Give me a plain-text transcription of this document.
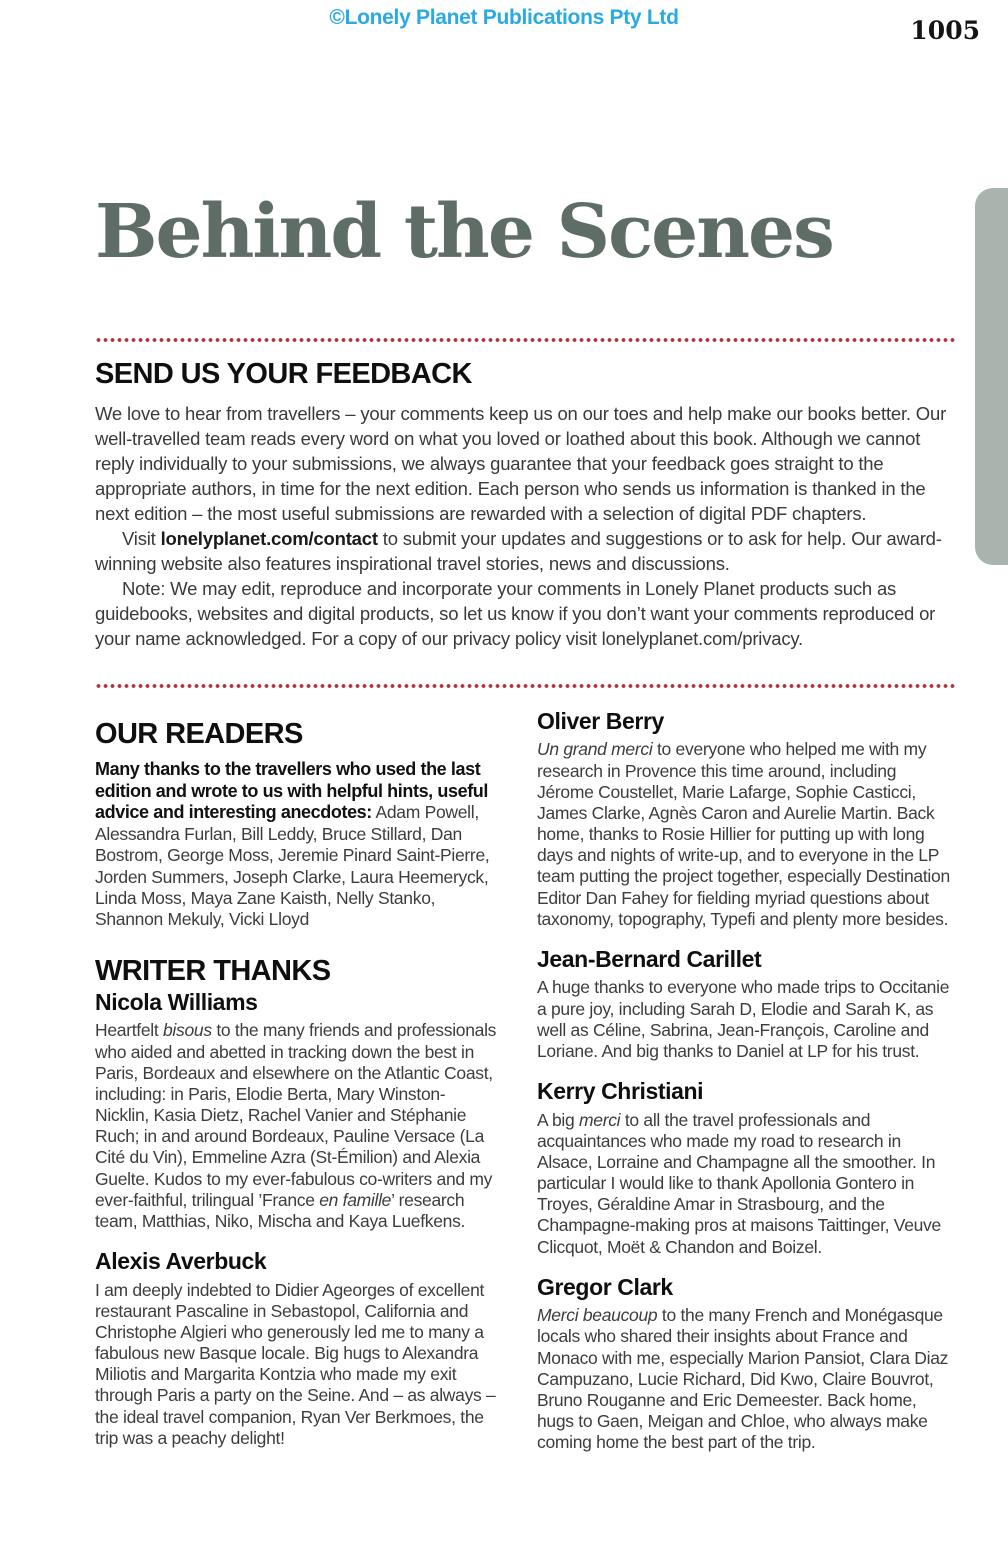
©Lonely Planet Publications Pty Ltd	1005
Behind the Scenes
SEND US YOUR FEEDBACK

We love to hear from travellers – your comments keep us on our toes and help make our books better. Our well-travelled team reads every word on what you loved or loathed about this book. Although we cannot reply individually to your submissions, we always guarantee that your feedback goes straight to the appropriate authors, in time for the next edition. Each person who sends us information is thanked in the next edition – the most useful submissions are rewarded with a selection of digital PDF chapters.

Visit lonelyplanet.com/contact to submit your updates and suggestions or to ask for help. Our award-winning website also features inspirational travel stories, news and discussions.

Note: We may edit, reproduce and incorporate your comments in Lonely Planet products such as guidebooks, websites and digital products, so let us know if you don’t want your comments reproduced or your name acknowledged. For a copy of our privacy policy visit lonelyplanet.com/privacy.

OUR READERS

Many thanks to the travellers who used the last edition and wrote to us with helpful hints, useful advice and interesting anecdotes: Adam Powell, Alessandra Furlan, Bill Leddy, Bruce Stillard, Dan Bostrom, George Moss, Jeremie Pinard Saint-Pierre, Jorden Summers, Joseph Clarke, Laura Heemeryck, Linda Moss, Maya Zane Kaisth, Nelly Stanko, Shannon Mekuly, Vicki Lloyd

WRITER THANKS
Nicola Williams

Heartfelt bisous to the many friends and professionals who aided and abetted in tracking down the best in Paris, Bordeaux and elsewhere on the Atlantic Coast, including: in Paris, Elodie Berta, Mary Winston-Nicklin, Kasia Dietz, Rachel Vanier and Stéphanie Ruch; in and around Bordeaux, Pauline Versace (La Cité du Vin), Emmeline Azra (St-Émilion) and Alexia Guelte. Kudos to my ever-fabulous co-writers and my ever-faithful, trilingual ’France en famille’ research team, Matthias, Niko, Mischa and Kaya Luefkens.

Alexis Averbuck

I am deeply indebted to Didier Ageorges of excellent restaurant Pascaline in Sebastopol, California and Christophe Algieri who generously led me to many a fabulous new Basque locale. Big hugs to Alexandra Miliotis and Margarita Kontzia who made my exit through Paris a party on the Seine. And – as always – the ideal travel companion, Ryan Ver Berkmoes, the trip was a peachy delight!

Oliver Berry

Un grand merci to everyone who helped me with my research in Provence this time around, including Jérome Coustellet, Marie Lafarge, Sophie Casticci, James Clarke, Agnès Caron and Aurelie Martin. Back home, thanks to Rosie Hillier for putting up with long days and nights of write-up, and to everyone in the LP team putting the project together, especially Destination Editor Dan Fahey for fielding myriad questions about taxonomy, topography, Typefi and plenty more besides.

Jean-Bernard Carillet

A huge thanks to everyone who made trips to Occitanie a pure joy, including Sarah D, Elodie and Sarah K, as well as Céline, Sabrina, Jean-François, Caroline and Loriane. And big thanks to Daniel at LP for his trust.

Kerry Christiani

A big merci to all the travel professionals and acquaintances who made my road to research in Alsace, Lorraine and Champagne all the smoother. In particular I would like to thank Apollonia Gontero in Troyes, Géraldine Amar in Strasbourg, and the Champagne-making pros at maisons Taittinger, Veuve Clicquot, Moët & Chandon and Boizel.

Gregor Clark

Merci beaucoup to the many French and Monégasque locals who shared their insights about France and Monaco with me, especially Marion Pansiot, Clara Diaz Campuzano, Lucie Richard, Did Kwo, Claire Bouvrot, Bruno Rouganne and Eric Demeester. Back home, hugs to Gaen, Meigan and Chloe, who always make coming home the best part of the trip.
